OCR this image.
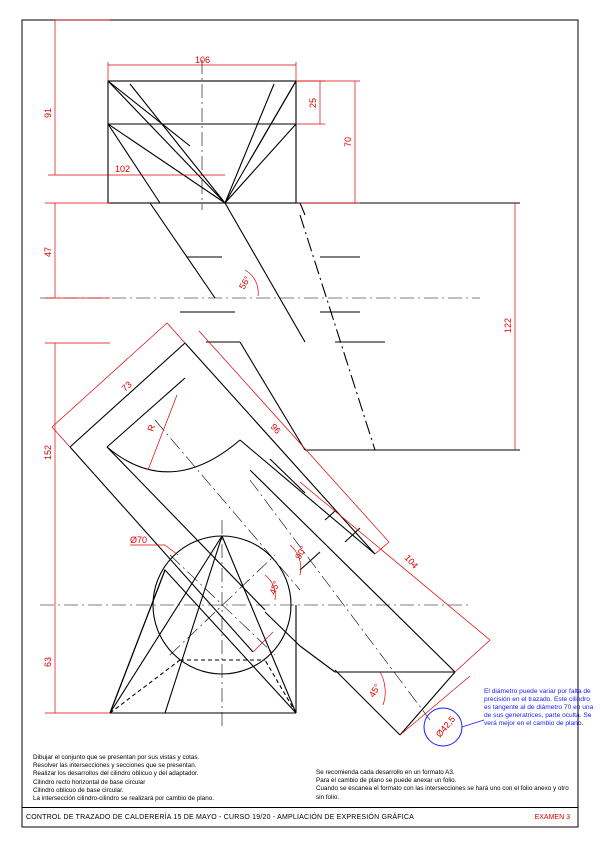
106
91
25
70
102
47
56°
122
73
R	96
152
Ø70
90°
45°
104
63
45°
Ø42,5
El diámetro puede variar por falta de precisión en el trazado. Este cilindro es tangente al de diámetro 70 en una de sus generatrices, parte oculta. Se verá mejor en el cambio de plano.
Dibujar el conjunto que se presentan por sus vistas y cotas.
Resolver las intersecciones y secciones que se presentan.
Realizar los desarrollos del cilindro oblicuo y del adaptador.
Cilindro recto horizontal de base circular
Cilindro oblicuo de base circular.
La intersección cilindro-cilindro se realizará por cambio de plano.
Se recomienda cada desarrollo en un formato A3.
Para el cambio de plano se puede anexar un folio.
Cuando se escanea el formato con las intersecciones se hará uno con el folio anexo y otro sin folio.
CONTROL DE TRAZADO DE CALDERERÍA 15 DE MAYO - CURSO 19/20 - AMPLIACIÓN DE EXPRESIÓN GRÁFICA	EXAMEN 3
